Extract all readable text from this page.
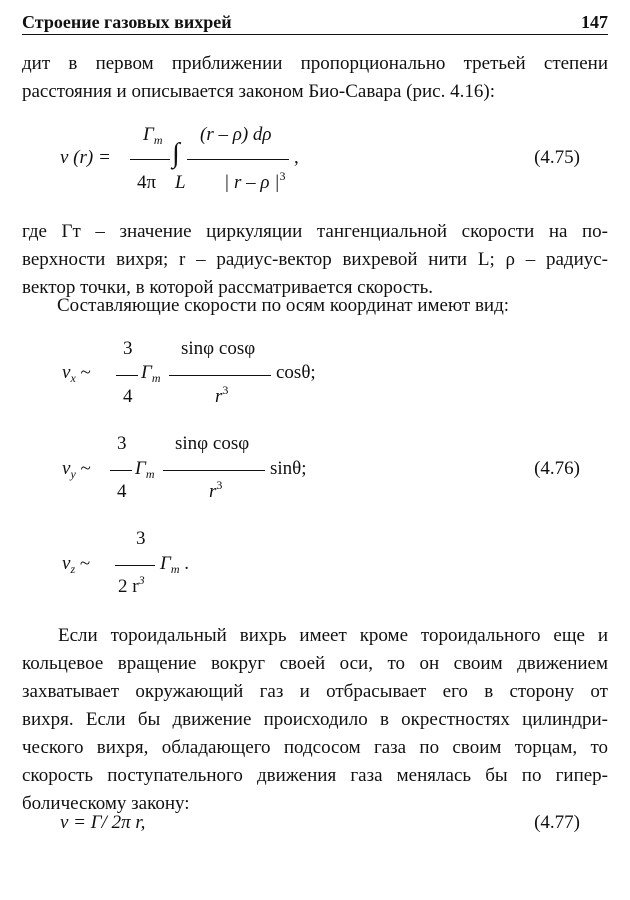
Строение газовых вихрей	147
дит в первом приближении пропорционально третьей степени
расстояния и описывается законом Био-Савара (рис. 4.16):
v (r) =
$\Gamma_т$
4π
∫
L
(r – ρ) dρ
| r – ρ $|^3$
,	(4.75)
где Γт – значение циркуляции тангенциальной скорости на по-
верхности вихря; r – радиус-вектор вихревой нити L; ρ – радиус-
вектор точки, в которой рассматривается скорость.
Составляющие скорости по осям координат имеют вид:
$v_x$ ~
3
4
$\Gamma_т$
sinφ cosφ
$r^3$
cosθ;
$v_y$ ~
3
4
$\Gamma_т$
sinφ cosφ
$r^3$
sinθ;	(4.76)
$v_z$ ~
3
2 $r^3$
$\Gamma_т$ .
Если тороидальный вихрь имеет кроме тороидального еще и
кольцевое вращение вокруг своей оси, то он своим движением
захватывает окружающий газ и отбрасывает его в сторону от
вихря. Если бы движение происходило в окрестностях цилиндри-
ческого вихря, обладающего подсосом газа по своим торцам, то
скорость поступательного движения газа менялась бы по гипер-
болическому закону:
v = Γ/ 2π r,	(4.77)
